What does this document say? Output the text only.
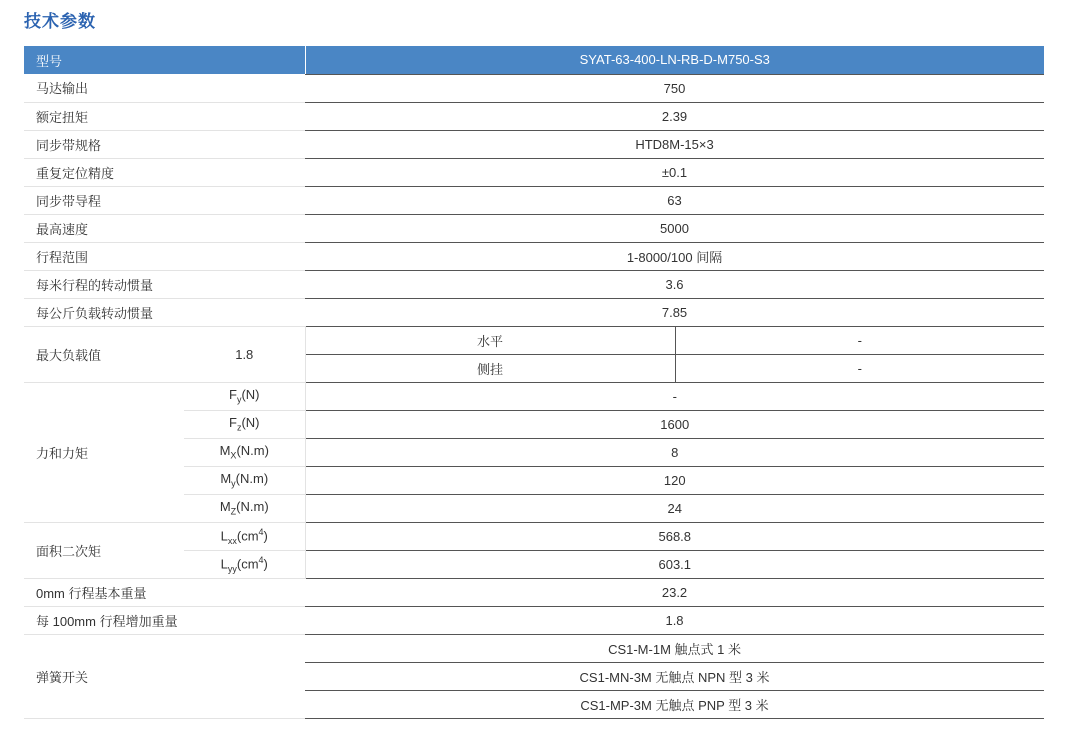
技术参数
型号		SYAT-63-400-LN-RB-D-M750-S3	
马达输出		750	
额定扭矩		2.39	
同步带规格		HTD8M-15×3	
重复定位精度		±0.1	
同步带导程		63	
最高速度		5000	
行程范围		1-8000/100 间隔	
每米行程的转动惯量		3.6	
每公斤负载转动惯量		7.85	
最大负载值	1.8	水平	-
		侧挂	-
力和力矩	$F_y(N)$	-	
	$F_z(N)$	1600	
	$M_X(N.m)$	8	
	$M_y(N.m)$	120	
	$M_Z(N.m)$	24	
面积二次矩	$L_{xx}(cm^4)$	568.8	
	$L_{yy}(cm^4)$	603.1	
0mm 行程基本重量		23.2	
每 100mm 行程增加重量		1.8	
弹簧开关		CS1-M-1M 触点式 1 米	
		CS1-MN-3M 无触点 NPN 型 3 米	
		CS1-MP-3M 无触点 PNP 型 3 米	
